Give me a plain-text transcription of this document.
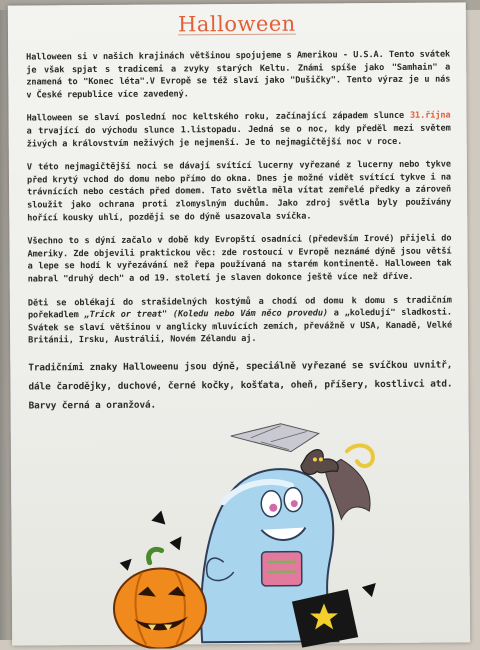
Halloween

Halloween si v našich krajinách většinou spojujeme s Amerikou - U.S.A. Tento svátek je však spjat s tradicemi a zvyky starých Keltu. Známi spíše jako "Samhain" a znamená to "Konec léta".V Evropě se též slaví jako "Dušičky". Tento výraz je u nás v České republice více zavedený.

Halloween se slaví poslední noc keltského roku, začínající západem slunce 31.října a trvající do východu slunce 1.listopadu. Jedná se o noc, kdy předěl mezi světem živých a královstvím neživých je nejmenší. Je to nejmagičtější noc v roce.

V této nejmagičtější noci se dávají svítící lucerny vyřezané z lucerny nebo tykve před krytý vchod do domu nebo přímo do okna. Dnes je možné vidět svítící tykve i na trávnících nebo cestách před domem. Tato světla měla vítat zemřelé předky a zároveň sloužit jako ochrana proti zlomyslným duchům. Jako zdroj světla byly používány hořící kousky uhlí, později se do dýně usazovala svíčka.

Všechno to s dýní začalo v době kdy Evropští osadníci (především Irové) přijeli do Ameriky. Zde objevili praktickou věc: zde rostoucí v Evropě neznámé dýně jsou větší a lepe se hodí k vyřezávání než řepa používaná na starém kontinentě. Halloween tak nabral "druhý dech" a od 19. století je slaven dokonce ještě více než dříve.

Děti se oblékají do strašidelných kostýmů a chodí od domu k domu s tradičním pořekadlem „Trick or treat" (Koledu nebo Vám něco provedu) a „koledují" sladkosti. Svátek se slaví většinou v anglicky mluvících zemích, převážně v USA, Kanadě, Velké Británii, Irsku, Austrálii, Novém Zélandu aj.

Tradičními znaky Halloweenu jsou dýně, speciálně vyřezané se svíčkou uvnitř, dále čarodějky, duchové, černé kočky, košťata, oheň, příšery, kostlivci atd. Barvy černá a oranžová.
